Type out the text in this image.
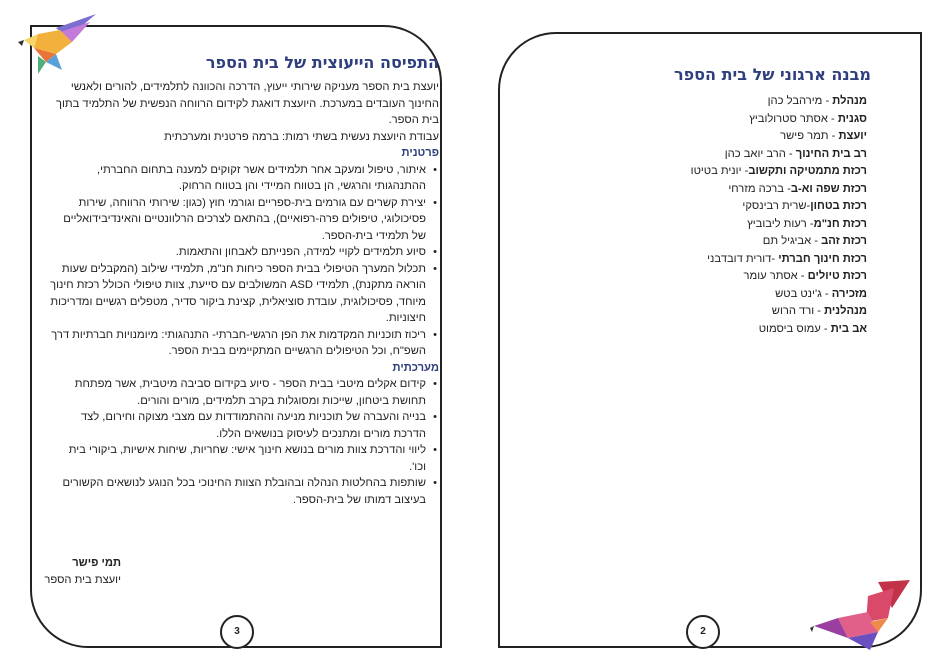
התפיסה הייעוצית של בית הספר

יועצת בית הספר מעניקה שירותי ייעוץ, הדרכה והכוונה לתלמידים, להורים ולאנשי החינוך העובדים במערכת. היועצת דואגת לקידום הרווחה הנפשית של התלמיד בתוך בית הספר.

עבודת היועצת נעשית בשתי רמות: ברמה פרטנית ומערכתית

פרטנית

• איתור, טיפול ומעקב אחר תלמידים אשר זקוקים למענה בתחום החברתי, ההתנהגותי והרגשי, הן בטווח המיידי והן בטווח הרחוק.
• יצירת קשרים עם גורמים בית-ספריים וגורמי חוץ (כגון: שירותי הרווחה, שירות פסיכולוגי, טיפולים פרה-רפואיים), בהתאם לצרכים הרלוונטיים והאינדיבידואליים של תלמידי בית-הספר.
• סיוע תלמידים לקויי למידה, הפנייתם לאבחון והתאמות.
• תכלול המערך הטיפולי בבית הספר כיחות חנ"מ, תלמידי שילוב (המקבלים שעות הוראה מתקנת), תלמידי ASD המשולבים עם סייעת, צוות טיפולי הכולל רכזת חינוך מיוחד, פסיכולוגית, עובדת סוציאלית, קצינת ביקור סדיר, מטפלים רגשיים ומדריכות חיצוניות.
• ריכוז תוכניות המקדמות את הפן הרגשי-חברתי- התנהגותי: מיומנויות חברתיות דרך השפ"ח, וכל הטיפולים הרגשיים המתקיימים בבית הספר.

מערכתית

• קידום אקלים מיטבי בבית הספר - סיוע בקידום סביבה מיטבית, אשר מפתחת תחושת ביטחון, שייכות ומסוגלות בקרב תלמידים, מורים והורים.
• בנייה והעברה של תוכניות מניעה וההתמודדות עם מצבי מצוקה וחירום, לצד הדרכת מורים ומתנכים לעיסוק בנושאים הללו.
• ליווי והדרכת צוות מורים בנושא חינוך אישי: שחריות, שיחות אישיות, ביקורי בית וכו'.
• שותפות בהחלטות הנהלה ובהובלת הצוות החינוכי בכל הנוגע לנושאים הקשורים בעיצוב דמותו של בית-הספר.
תמי פישר
יועצת בית הספר
3
מבנה ארגוני של בית הספר
מנהלת - מירהבל כהן
סגנית - אסתר סטרולוביץ
יועצת - תמר פישר
רב בית החינוך - הרב יואב כהן
רכזת מתמטיקה ותקשוב- יונית בטיטו
רכזת שפה וא-ב- ברכה מזרחי
רכזת בטחון-שרית רבינסקי
רכזת חנ"מ- רעות ליבוביץ
רכזת זהב - אביגיל תם
רכזת חינוך חברתי -דורית דובדבני
רכזת טיולים - אסתר עומר
מזכירה - ג'ינט בטש
מנהלנית - ורד הרוש
אב בית - עמוס ביסמוט
2
